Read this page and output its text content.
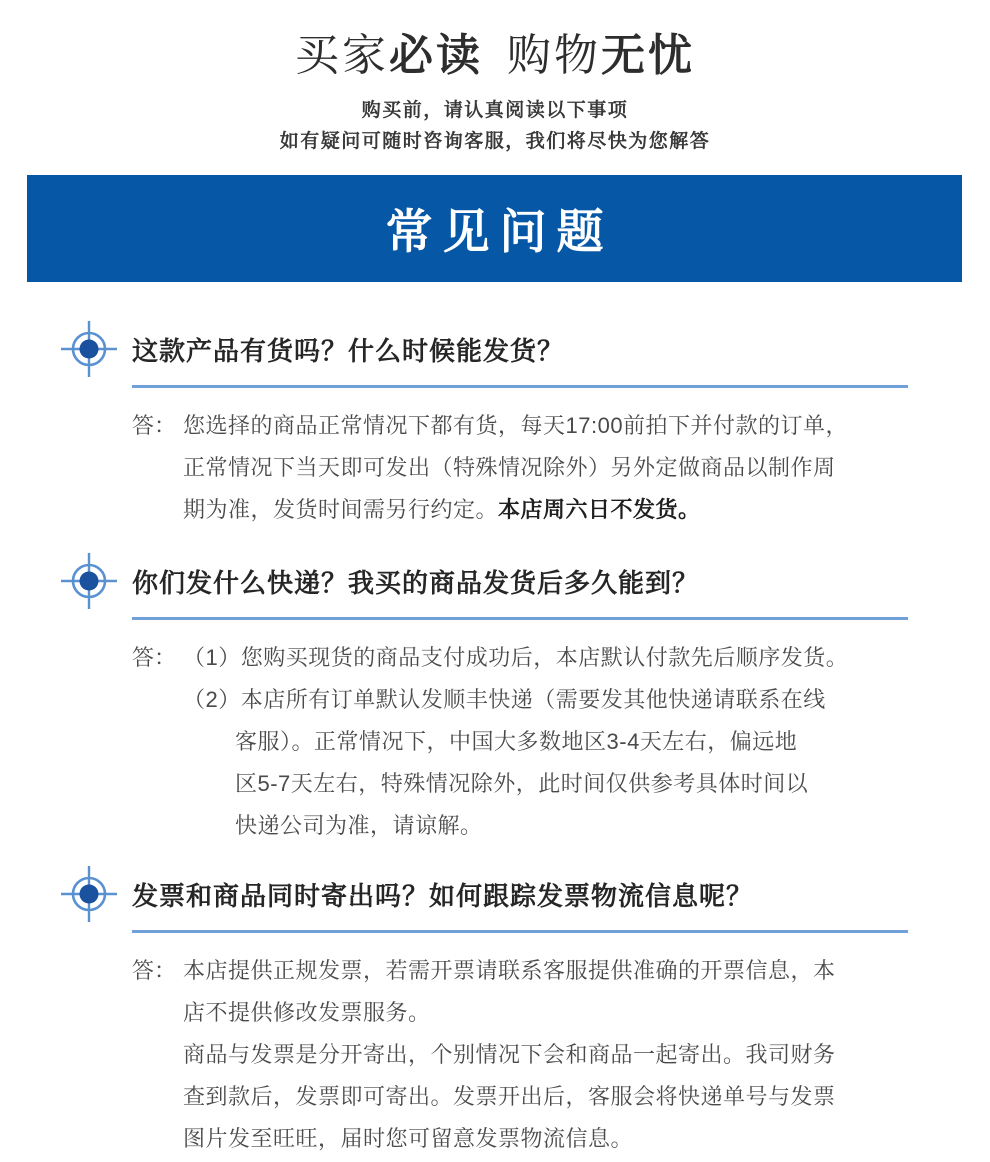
买家必读 购物无忧
购买前，请认真阅读以下事项
如有疑问可随时咨询客服，我们将尽快为您解答
常见问题
这款产品有货吗？什么时候能发货？
答： 您选择的商品正常情况下都有货，每天17:00前拍下并付款的订单，
正常情况下当天即可发出（特殊情况除外）另外定做商品以制作周
期为准，发货时间需另行约定。本店周六日不发货。
你们发什么快递？我买的商品发货后多久能到？
答： （1）您购买现货的商品支付成功后，本店默认付款先后顺序发货。
（2）本店所有订单默认发顺丰快递（需要发其他快递请联系在线
客服）。正常情况下，中国大多数地区3-4天左右，偏远地
区5-7天左右，特殊情况除外，此时间仅供参考具体时间以
快递公司为准，请谅解。
发票和商品同时寄出吗？如何跟踪发票物流信息呢？
答： 本店提供正规发票，若需开票请联系客服提供准确的开票信息，本
店不提供修改发票服务。
商品与发票是分开寄出，个别情况下会和商品一起寄出。我司财务
查到款后，发票即可寄出。发票开出后，客服会将快递单号与发票
图片发至旺旺，届时您可留意发票物流信息。
